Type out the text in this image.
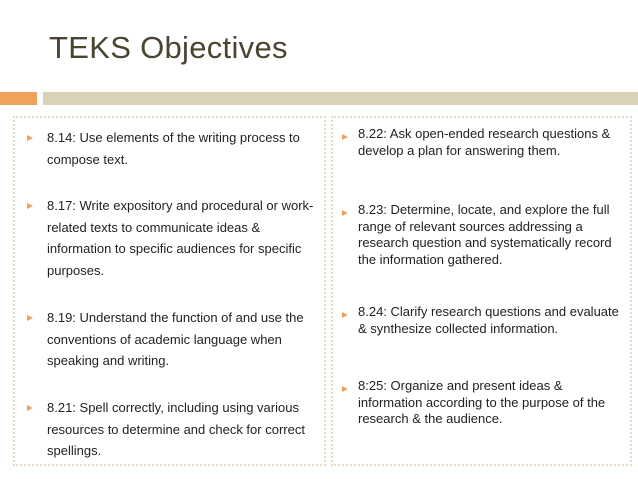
TEKS Objectives
8.14: Use elements of the writing process to compose text.
8.17: Write expository and procedural or work-related texts to communicate ideas & information to specific audiences for specific purposes.
8.19: Understand the function of and use the conventions of academic language when speaking and writing.
8.21: Spell correctly, including using various resources to determine and check for correct spellings.
8.22: Ask open-ended research questions & develop a plan for answering them.
8.23: Determine, locate, and explore the full range of relevant sources addressing a research question and systematically record the information gathered.
8.24: Clarify research questions and evaluate & synthesize collected information.
8:25: Organize and present ideas & information according to the purpose of the research & the audience.
